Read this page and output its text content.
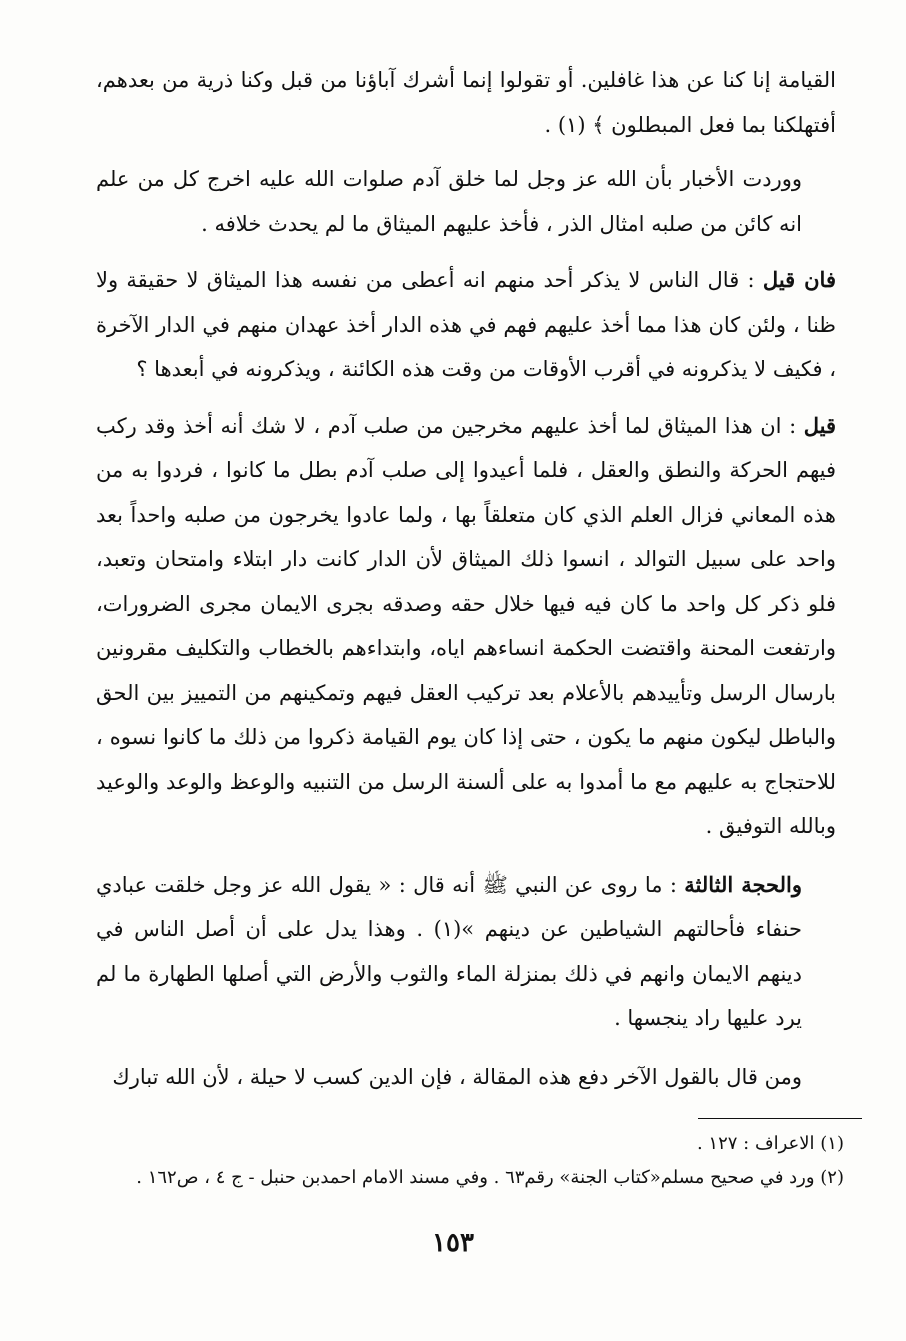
القيامة إنا كنا عن هذا غافلين. أو تقولوا إنما أشرك آباؤنا من قبل وكنا ذرية من بعدهم، أفتهلكنا بما فعل المبطلون ﴾ (١) .

ووردت الأخبار بأن الله عز وجل لما خلق آدم صلوات الله عليه اخرج كل من علم انه كائن من صلبه امثال الذر ، فأخذ عليهم الميثاق ما لم يحدث خلافه .

فان قيل : قال الناس لا يذكر أحد منهم انه أعطى من نفسه هذا الميثاق لا حقيقة ولا ظنا ، ولئن كان هذا مما أخذ عليهم فهم في هذه الدار أخذ عهدان منهم في الدار الآخرة ، فكيف لا يذكرونه في أقرب الأوقات من وقت هذه الكائنة ، ويذكرونه في أبعدها ؟

قيل : ان هذا الميثاق لما أخذ عليهم مخرجين من صلب آدم ، لا شك أنه أخذ وقد ركب فيهم الحركة والنطق والعقل ، فلما أعيدوا إلى صلب آدم بطل ما كانوا ، فردوا به من هذه المعاني فزال العلم الذي كان متعلقاً بها ، ولما عادوا يخرجون من صلبه واحداً بعد واحد على سبيل التوالد ، انسوا ذلك الميثاق لأن الدار كانت دار ابتلاء وامتحان وتعبد، فلو ذكر كل واحد ما كان فيه فيها خلال حقه وصدقه بجرى الايمان مجرى الضرورات، وارتفعت المحنة واقتضت الحكمة انساءهم اياه، وابتداءهم بالخطاب والتكليف مقرونين بارسال الرسل وتأييدهم بالأعلام بعد تركيب العقل فيهم وتمكينهم من التمييز بين الحق والباطل ليكون منهم ما يكون ، حتى إذا كان يوم القيامة ذكروا من ذلك ما كانوا نسوه ، للاحتجاج به عليهم مع ما أمدوا به على ألسنة الرسل من التنبيه والوعظ والوعد والوعيد وبالله التوفيق .

والحجة الثالثة : ما روى عن النبي ﷺ أنه قال : « يقول الله عز وجل خلقت عبادي حنفاء فأحالتهم الشياطين عن دينهم »(١) . وهذا يدل على أن أصل الناس في دينهم الايمان وانهم في ذلك بمنزلة الماء والثوب والأرض التي أصلها الطهارة ما لم يرد عليها راد ينجسها .

ومن قال بالقول الآخر دفع هذه المقالة ، فإن الدين كسب لا حيلة ، لأن الله تبارك

(١) الاعراف : ١٢٧ .
(٢) ورد في صحيح مسلم«كتاب الجنة» رقم٦٣ . وفي مسند الامام احمدبن حنبل - ج ٤ ، ص١٦٢ .
١٥٣
